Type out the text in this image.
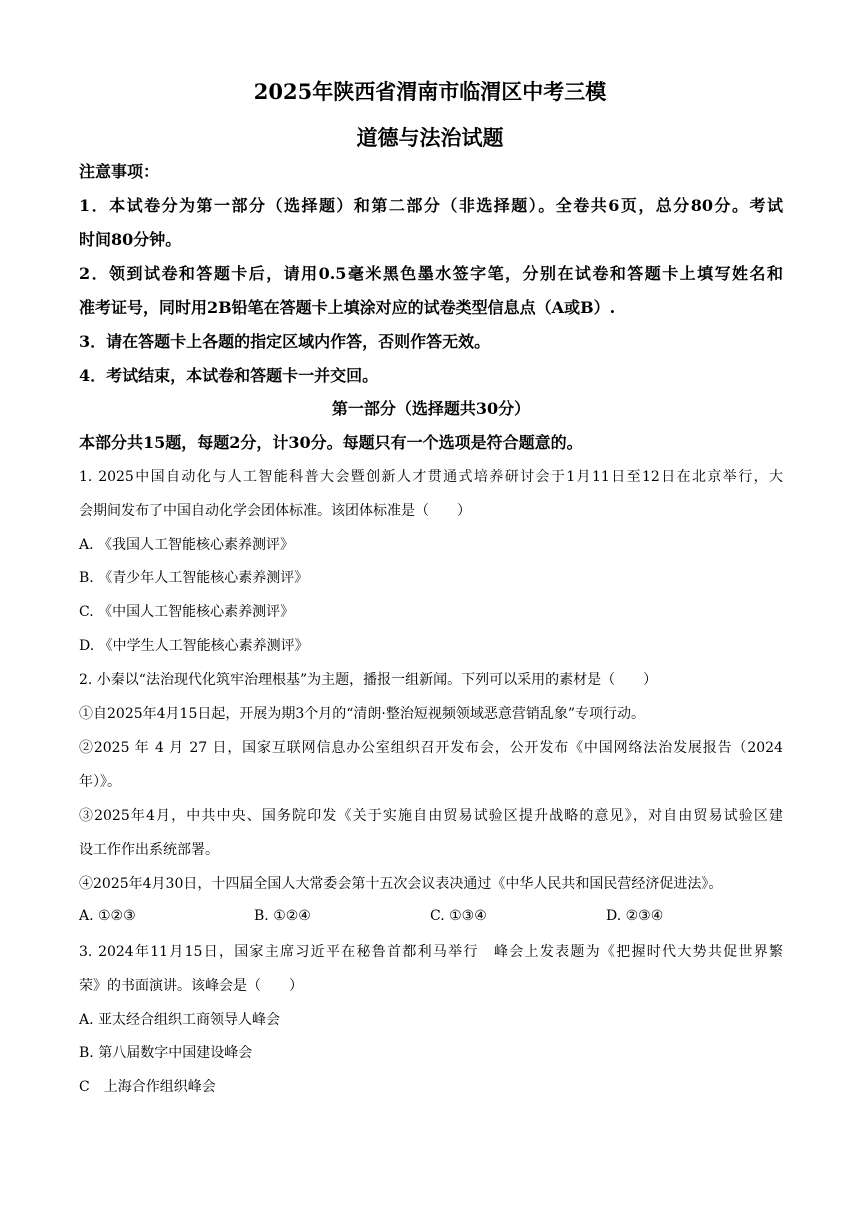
2025年陕西省渭南市临渭区中考三模
道德与法治试题
注意事项：
1．本试卷分为第一部分（选择题）和第二部分（非选择题）。全卷共6页，总分80分。考试
时间80分钟。
2．领到试卷和答题卡后，请用0.5毫米黑色墨水签字笔，分别在试卷和答题卡上填写姓名和
准考证号，同时用2B铅笔在答题卡上填涂对应的试卷类型信息点（A或B）.
3．请在答题卡上各题的指定区域内作答，否则作答无效。
4．考试结束，本试卷和答题卡一并交回。
第一部分（选择题共30分）
本部分共15题，每题2分，计30分。每题只有一个选项是符合题意的。
1. 2025中国自动化与人工智能科普大会暨创新人才贯通式培养研讨会于1月11日至12日在北京举行，大
会期间发布了中国自动化学会团体标准。该团体标准是（　　）
A. 《我国人工智能核心素养测评》
B. 《青少年人工智能核心素养测评》
C. 《中国人工智能核心素养测评》
D. 《中学生人工智能核心素养测评》
2. 小秦以“法治现代化筑牢治理根基”为主题，播报一组新闻。下列可以采用的素材是（　　）
①自2025年4月15日起，开展为期3个月的“清朗·整治短视频领域恶意营销乱象”专项行动。
②2025 年 4 月 27 日，国家互联网信息办公室组织召开发布会，公开发布《中国网络法治发展报告（2024
年）》。
③2025年4月，中共中央、国务院印发《关于实施自由贸易试验区提升战略的意见》，对自由贸易试验区建
设工作作出系统部署。
④2025年4月30日，十四届全国人大常委会第十五次会议表决通过《中华人民共和国民营经济促进法》。
A. ①②③	B. ①②④	C. ①③④	D. ②③④
3. 2024年11月15日，国家主席习近平在秘鲁首都利马举行　峰会上发表题为《把握时代大势共促世界繁
荣》的书面演讲。该峰会是（　　）
A. 亚太经合组织工商领导人峰会
B. 第八届数字中国建设峰会
C　上海合作组织峰会
